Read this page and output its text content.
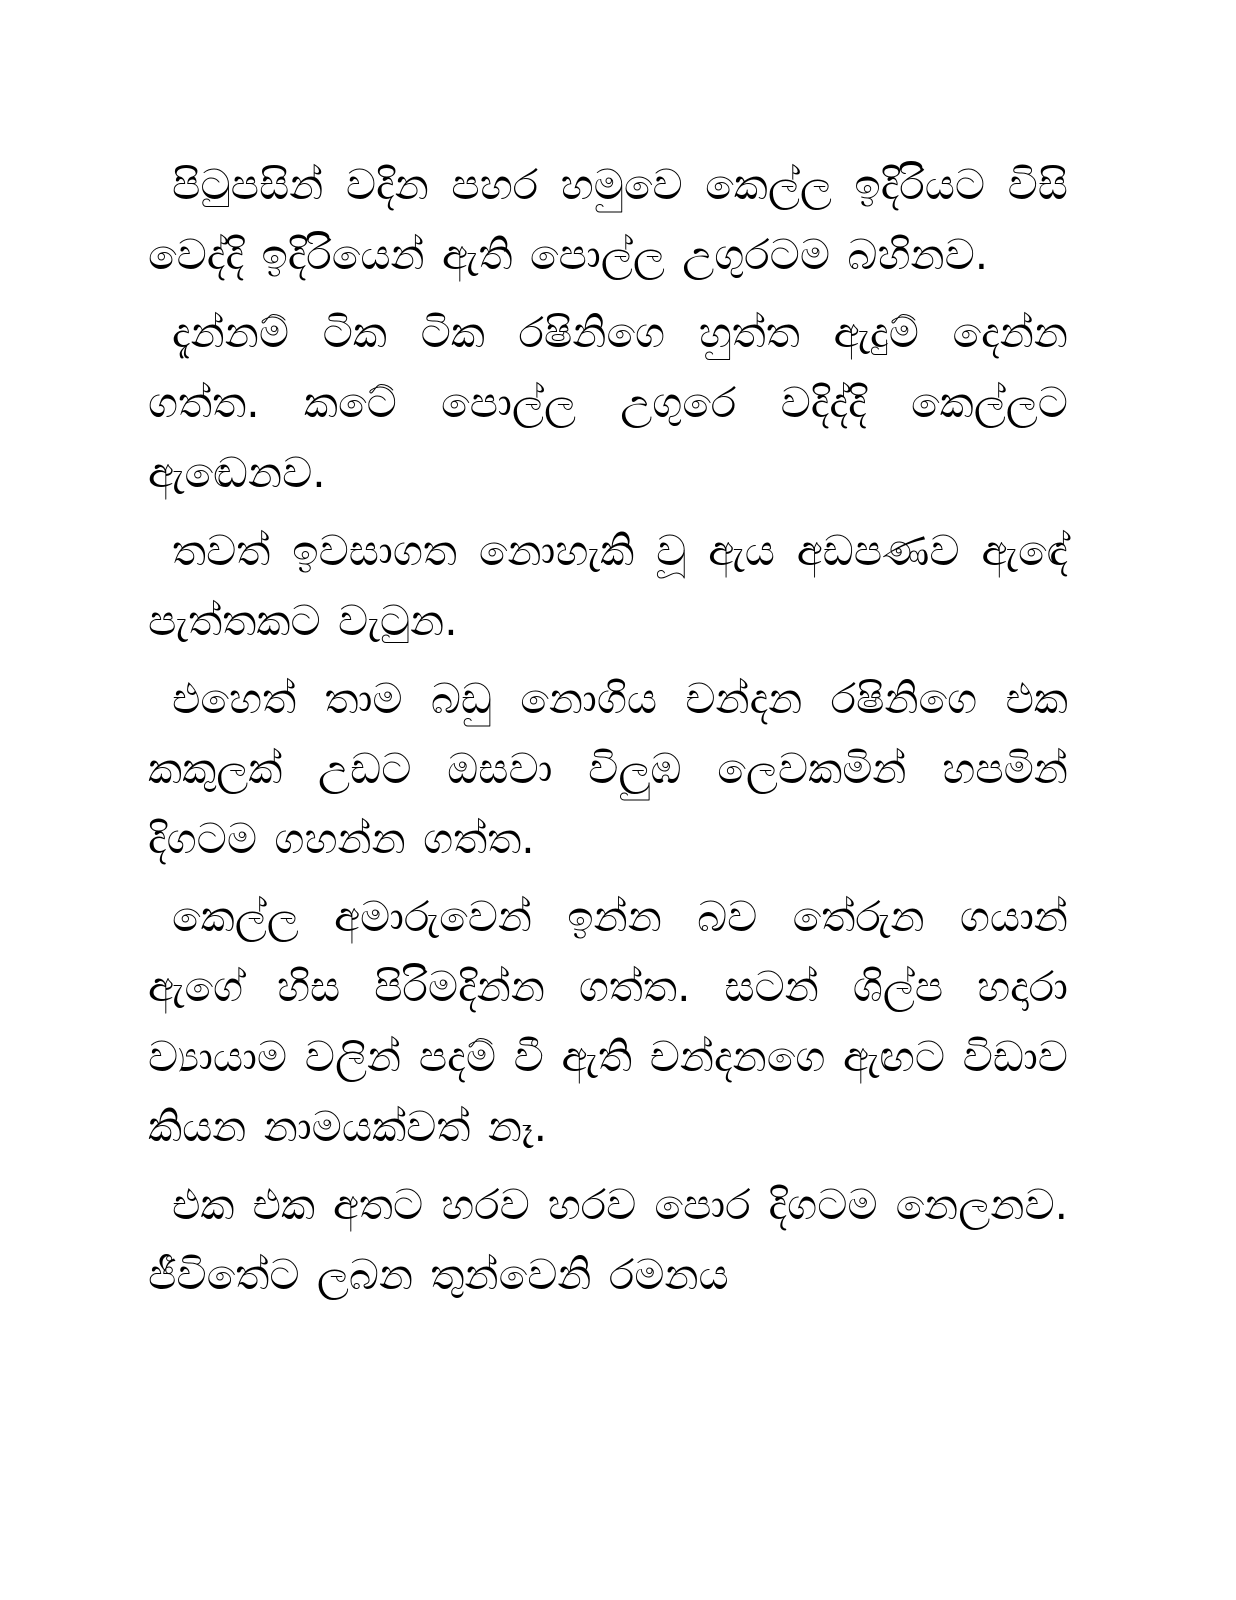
පිටුපසින් වදින පහර හමුවෙ කෙල්ල ඉදිරියට විසි වෙද්දි ඉදිරියෙන් ඇති පොල්ල උගුරටම බහිනව.

දැන්නම් ටික ටික රෂිනිගෙ හුත්ත ඇදුම් දෙන්න ගත්ත. කටේ පොල්ල උගුරෙ වදිද්දි කෙල්ලට ඇඬෙනව.

තවත් ඉවසාගත නොහැකි වූ ඇය අඩපණව ඇඳේ පැත්තකට වැටුන.

එහෙත් තාම බඩු නොගිය චන්දන රෂිනිගෙ එක කකුලක් උඩට ඔසවා විලුඹ ලෙවකමින් හපමින් දිගටම ගහන්න ගත්ත.

කෙල්ල අමාරුවෙන් ඉන්න බව තේරුන ගයාන් ඇගේ හිස පිරිමදින්න ගත්ත. සටන් ශිල්ප හදාරා ව්‍යායාම වලින් පදම් වී ඇති චන්දනගෙ ඇඟට විඩාව කියන නාමයක්වත් නෑ.

එක එක අතට හරව හරව පොර දිගටම නෙලනව. ජීවිතේට ලබන තුන්වෙනි රමනය
